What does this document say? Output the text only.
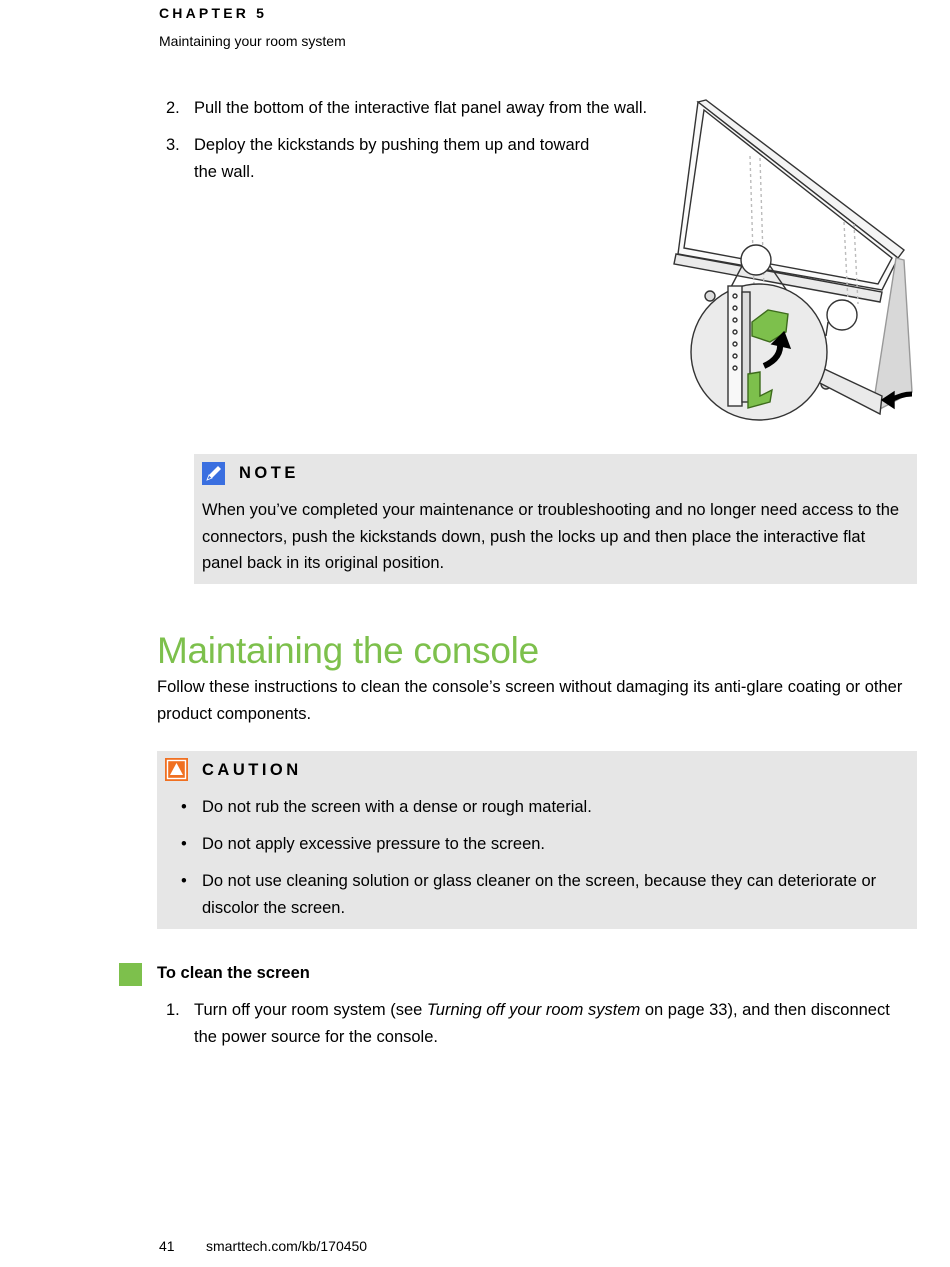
CHAPTER 5
Maintaining your room system
2. Pull the bottom of the interactive flat panel away from the wall.
3. Deploy the kickstands by pushing them up and toward the wall.
NOTE
When you’ve completed your maintenance or troubleshooting and no longer need access to the connectors, push the kickstands down, push the locks up and then place the interactive flat panel back in its original position.
Maintaining the console
Follow these instructions to clean the console’s screen without damaging its anti-glare coating or other product components.
CAUTION
• Do not rub the screen with a dense or rough material.
• Do not apply excessive pressure to the screen.
• Do not use cleaning solution or glass cleaner on the screen, because they can deteriorate or discolor the screen.
To clean the screen
1. Turn off your room system (see Turning off your room system on page 33), and then disconnect the power source for the console.
41 smarttech.com/kb/170450
